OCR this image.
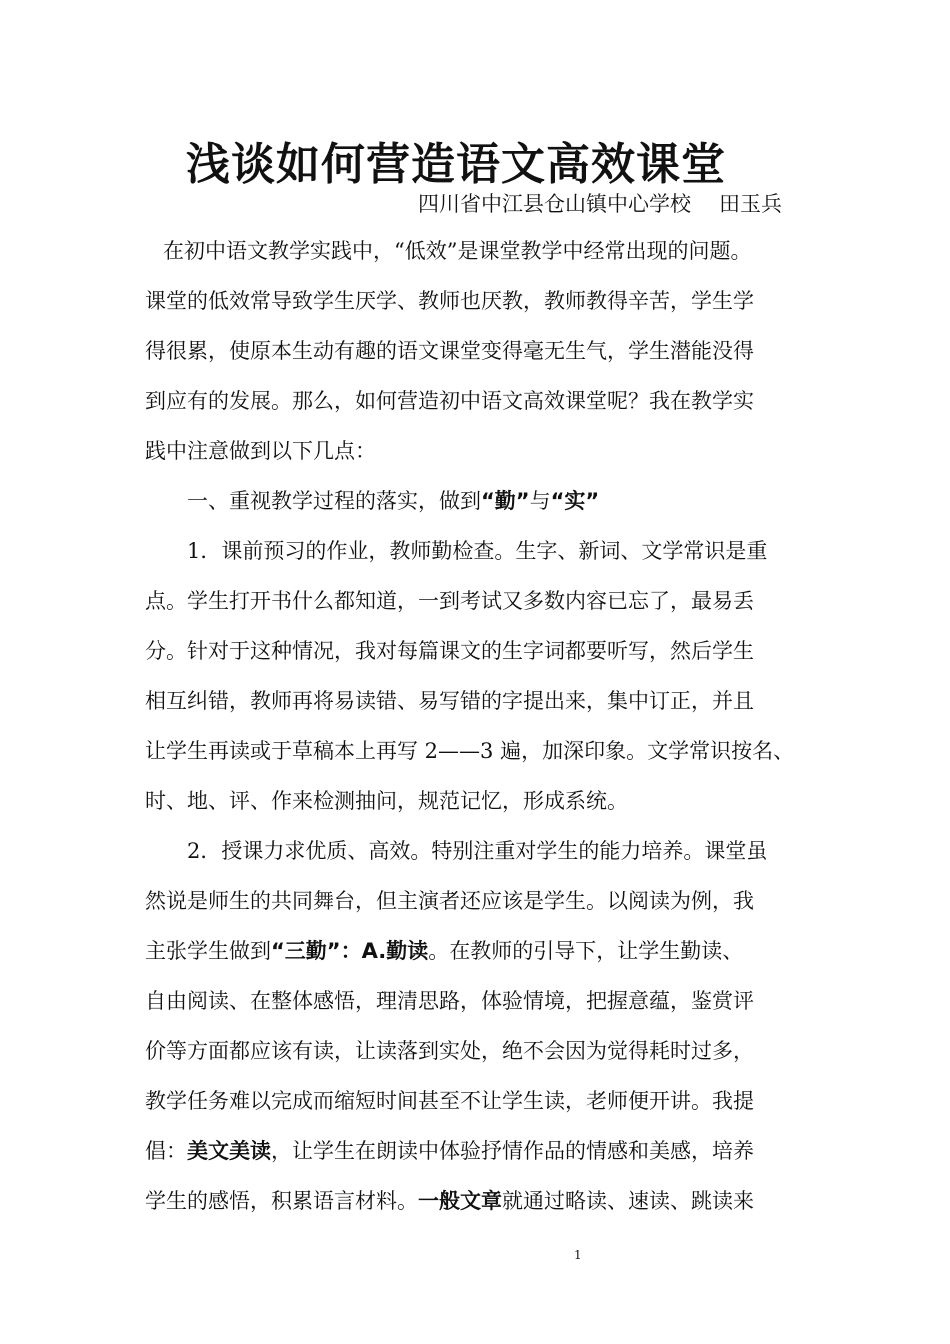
浅谈如何营造语文高效课堂
四川省中江县仓山镇中心学校 田玉兵
在初中语文教学实践中，“低效”是课堂教学中经常出现的问题。
课堂的低效常导致学生厌学、教师也厌教，教师教得辛苦，学生学
得很累，使原本生动有趣的语文课堂变得毫无生气，学生潜能没得
到应有的发展。那么，如何营造初中语文高效课堂呢？我在教学实
践中注意做到以下几点：
一、重视教学过程的落实，做到“勤”与“实”
1．课前预习的作业，教师勤检查。生字、新词、文学常识是重
点。学生打开书什么都知道，一到考试又多数内容已忘了，最易丢
分。针对于这种情况，我对每篇课文的生字词都要听写，然后学生
相互纠错，教师再将易读错、易写错的字提出来，集中订正，并且
让学生再读或于草稿本上再写 2——3 遍，加深印象。文学常识按名、
时、地、评、作来检测抽问，规范记忆，形成系统。
2．授课力求优质、高效。特别注重对学生的能力培养。课堂虽
然说是师生的共同舞台，但主演者还应该是学生。以阅读为例，我
主张学生做到“三勤”：A.勤读。在教师的引导下，让学生勤读、
自由阅读、在整体感悟，理清思路，体验情境，把握意蕴，鉴赏评
价等方面都应该有读，让读落到实处，绝不会因为觉得耗时过多，
教学任务难以完成而缩短时间甚至不让学生读，老师便开讲。我提
倡：美文美读，让学生在朗读中体验抒情作品的情感和美感，培养
学生的感悟，积累语言材料。一般文章就通过略读、速读、跳读来
1
